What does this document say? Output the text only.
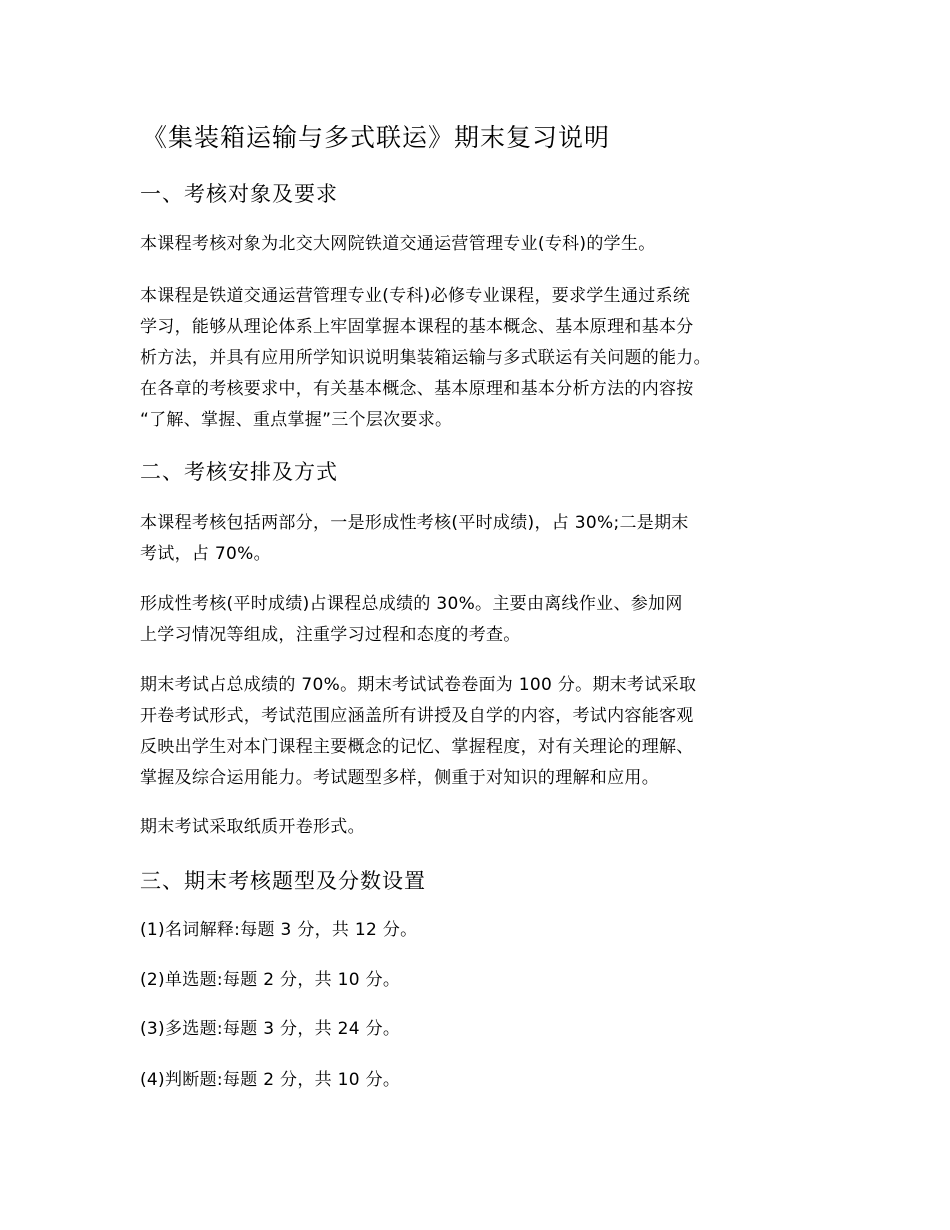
《集装箱运输与多式联运》期末复习说明
一、考核对象及要求
本课程考核对象为北交大网院铁道交通运营管理专业(专科)的学生。
本课程是铁道交通运营管理专业(专科)必修专业课程，要求学生通过系统
学习，能够从理论体系上牢固掌握本课程的基本概念、基本原理和基本分
析方法，并具有应用所学知识说明集装箱运输与多式联运有关问题的能力。
在各章的考核要求中，有关基本概念、基本原理和基本分析方法的内容按
“了解、掌握、重点掌握”三个层次要求。
二、考核安排及方式
本课程考核包括两部分，一是形成性考核(平时成绩)，占 30%;二是期末
考试，占 70%。
形成性考核(平时成绩)占课程总成绩的 30%。主要由离线作业、参加网
上学习情况等组成，注重学习过程和态度的考查。
期末考试占总成绩的 70%。期末考试试卷卷面为 100 分。期末考试采取
开卷考试形式，考试范围应涵盖所有讲授及自学的内容，考试内容能客观
反映出学生对本门课程主要概念的记忆、掌握程度，对有关理论的理解、
掌握及综合运用能力。考试题型多样，侧重于对知识的理解和应用。
期末考试采取纸质开卷形式。
三、期末考核题型及分数设置
(1)名词解释:每题 3 分，共 12 分。
(2)单选题:每题 2 分，共 10 分。
(3)多选题:每题 3 分，共 24 分。
(4)判断题:每题 2 分，共 10 分。
